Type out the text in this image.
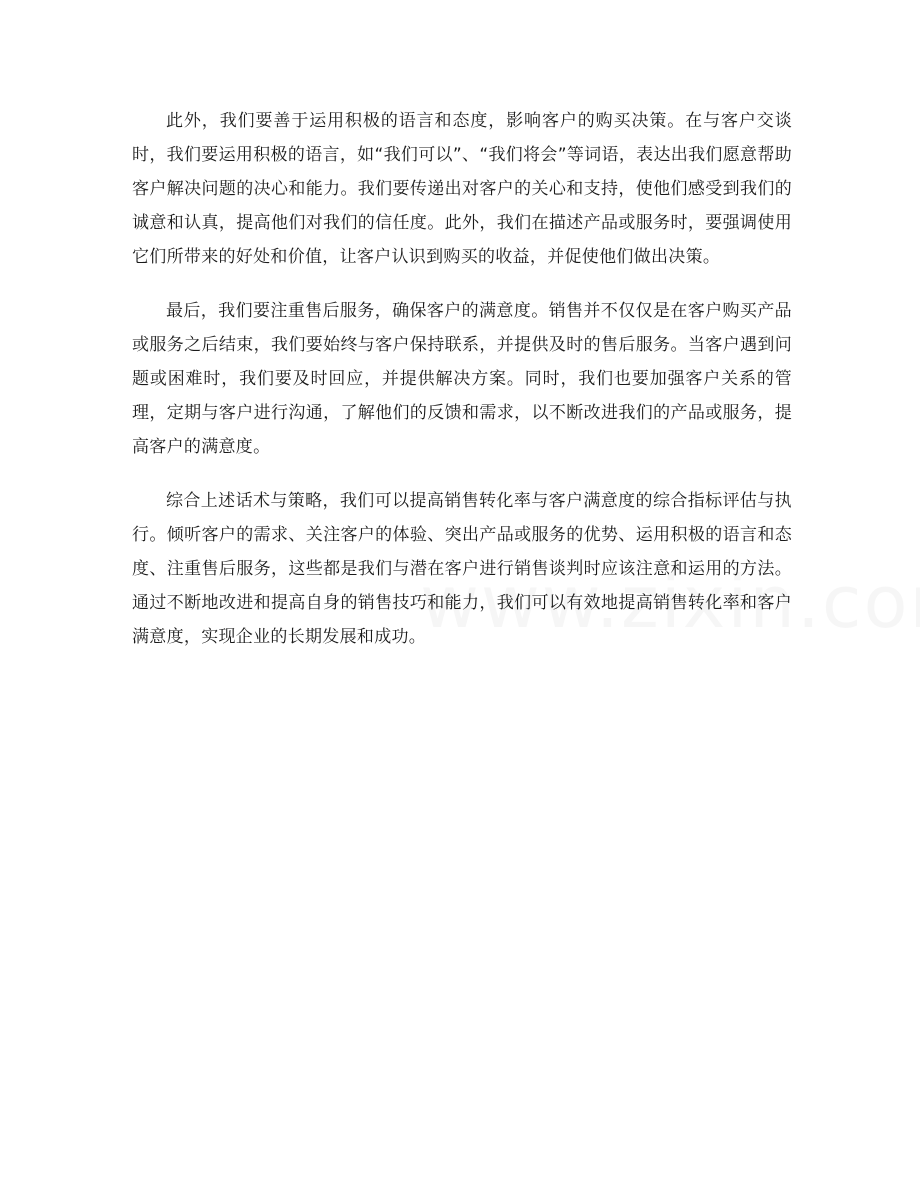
此外，我们要善于运用积极的语言和态度，影响客户的购买决策。在与客户交谈时，我们要运用积极的语言，如“我们可以”、“我们将会”等词语，表达出我们愿意帮助客户解决问题的决心和能力。我们要传递出对客户的关心和支持，使他们感受到我们的诚意和认真，提高他们对我们的信任度。此外，我们在描述产品或服务时，要强调使用它们所带来的好处和价值，让客户认识到购买的收益，并促使他们做出决策。

最后，我们要注重售后服务，确保客户的满意度。销售并不仅仅是在客户购买产品或服务之后结束，我们要始终与客户保持联系，并提供及时的售后服务。当客户遇到问题或困难时，我们要及时回应，并提供解决方案。同时，我们也要加强客户关系的管理，定期与客户进行沟通，了解他们的反馈和需求，以不断改进我们的产品或服务，提高客户的满意度。

综合上述话术与策略，我们可以提高销售转化率与客户满意度的综合指标评估与执行。倾听客户的需求、关注客户的体验、突出产品或服务的优势、运用积极的语言和态度、注重售后服务，这些都是我们与潜在客户进行销售谈判时应该注意和运用的方法。通过不断地改进和提高自身的销售技巧和能力，我们可以有效地提高销售转化率和客户满意度，实现企业的长期发展和成功。
